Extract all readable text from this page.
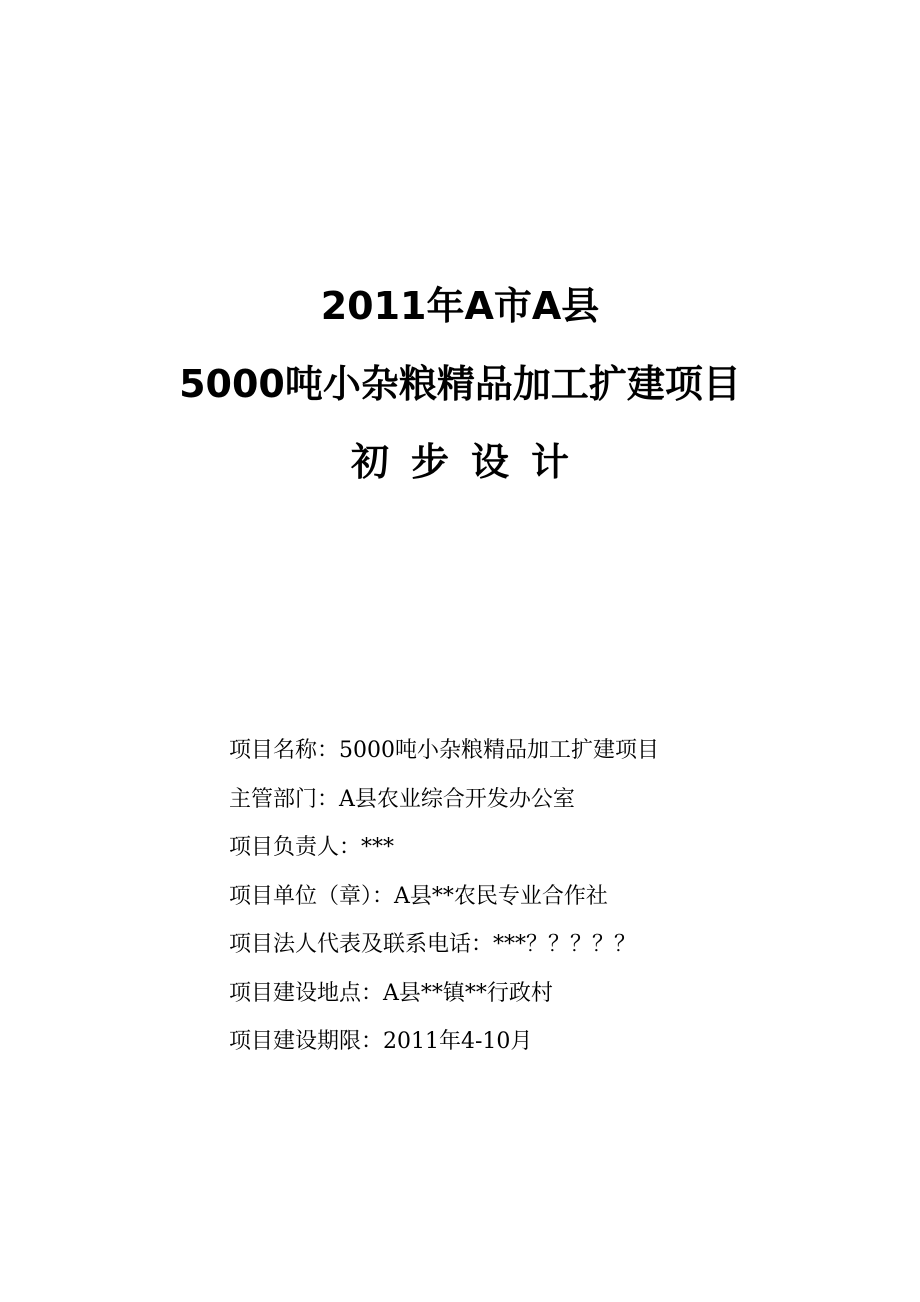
2011年A市A县
5000吨小杂粮精品加工扩建项目
初步设计
项目名称：5000吨小杂粮精品加工扩建项目
主管部门：A县农业综合开发办公室
项目负责人：***
项目单位（章）：A县**农民专业合作社
项目法人代表及联系电话：***？？？？？
项目建设地点：A县**镇**行政村
项目建设期限：2011年4-10月
